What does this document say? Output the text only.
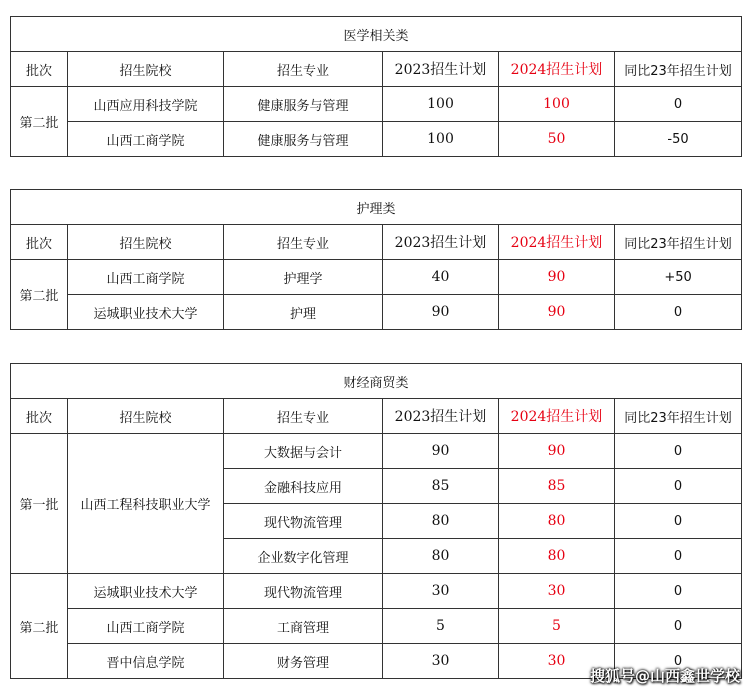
医学相关类					
批次	招生院校	招生专业	2023招生计划	2024招生计划	同比23年招生计划
第二批	山西应用科技学院	健康服务与管理	100	100	0
	山西工商学院	健康服务与管理	100	50	-50
护理类					
批次	招生院校	招生专业	2023招生计划	2024招生计划	同比23年招生计划
第二批	山西工商学院	护理学	40	90	+50
	运城职业技术大学	护理	90	90	0
财经商贸类					
批次	招生院校	招生专业	2023招生计划	2024招生计划	同比23年招生计划
第一批	山西工程科技职业大学	大数据与会计	90	90	0
		金融科技应用	85	85	0
		现代物流管理	80	80	0
		企业数字化管理	80	80	0
第二批	运城职业技术大学	现代物流管理	30	30	0
	山西工商学院	工商管理	5	5	0
	晋中信息学院	财务管理	30	30	0
搜狐号@山西鑫世学校
